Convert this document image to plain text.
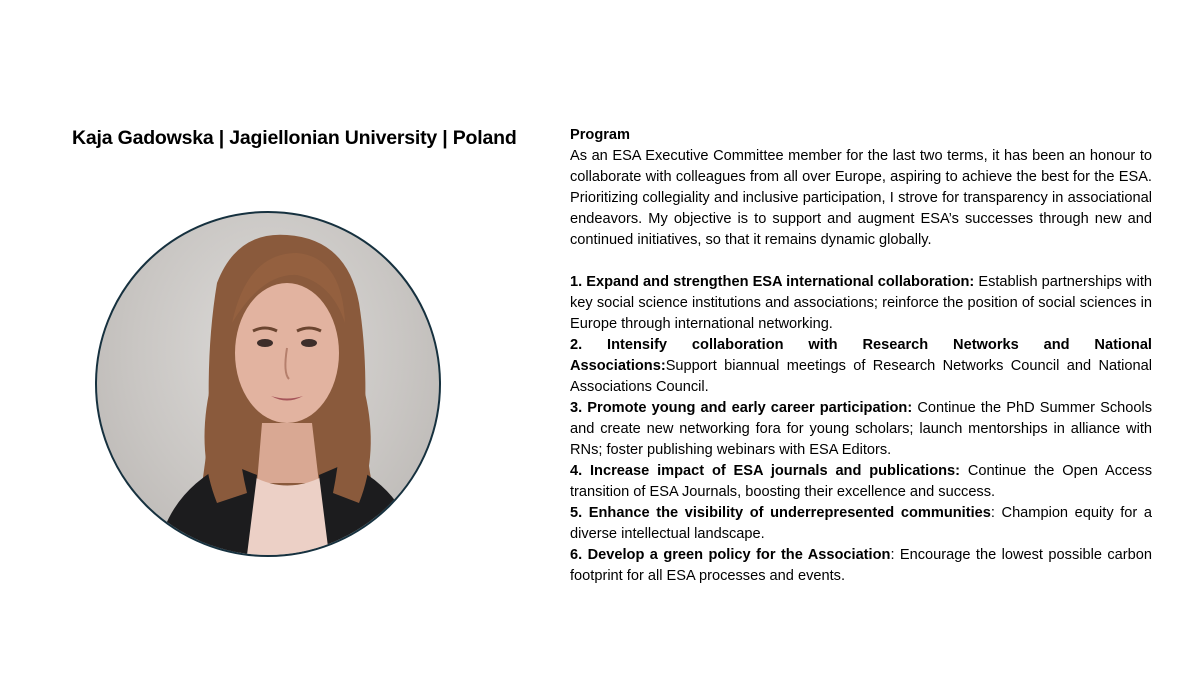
Kaja Gadowska | Jagiellonian University | Poland	Program

As an ESA Executive Committee member for the last two terms, it has been an honour to collaborate with colleagues from all over Europe, aspiring to achieve the best for the ESA. Prioritizing collegiality and inclusive participation, I strove for transparency in associational endeavors. My objective is to support and augment ESA’s successes through new and continued initiatives, so that it remains dynamic globally.

1. Expand and strengthen ESA international collaboration: Establish partnerships with key social science institutions and associations; reinforce the position of social sciences in Europe through international networking.

2. Intensify collaboration with Research Networks and National Associations:Support biannual meetings of Research Networks Council and National Associations Council.

3. Promote young and early career participation: Continue the PhD Summer Schools and create new networking fora for young scholars; launch mentorships in alliance with RNs; foster publishing webinars with ESA Editors.

4. Increase impact of ESA journals and publications: Continue the Open Access transition of ESA Journals, boosting their excellence and success.

5. Enhance the visibility of underrepresented communities: Champion equity for a diverse intellectual landscape.

6. Develop a green policy for the Association: Encourage the lowest possible carbon footprint for all ESA processes and events.
